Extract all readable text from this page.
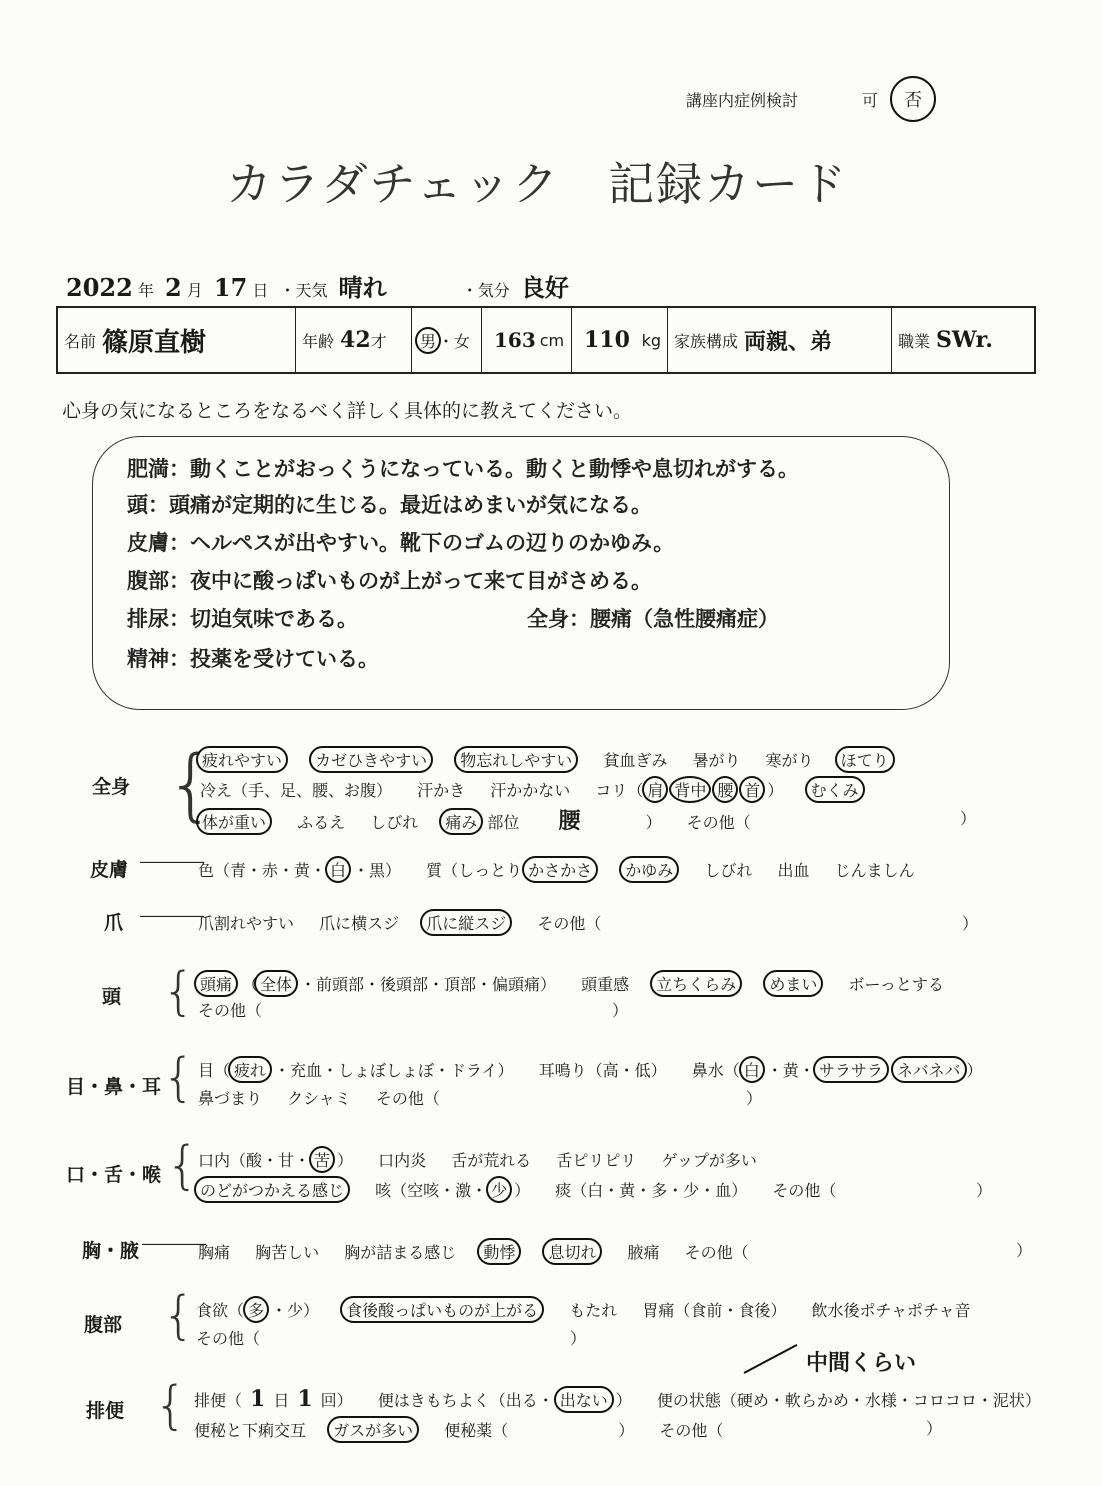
講座内症例検討	可	否
カラダチェック　記録カード
2022 年 2 月 17 日 ・天気 晴れ	・気分 良好
名前 篠原直樹	年齢 42 才	男 ・ 女 163 cm 110 kg 家族構成 両親、弟	職業 SWr.
心身の気になるところをなるべく詳しく具体的に教えてください。
肥満：動くことがおっくうになっている。動くと動悸や息切れがする。
頭：頭痛が定期的に生じる。最近はめまいが気になる。
皮膚：ヘルペスが出やすい。靴下のゴムの辺りのかゆみ。
腹部：夜中に酸っぱいものが上がって来て目がさめる。
排尿：切迫気味である。	全身：腰痛（急性腰痛症）
精神：投薬を受けている。
全身 {
疲れやすい カゼひきやすい 物忘れしやすい 貧血ぎみ 暑がり 寒がり ほてり
冷え（手、足、腰、お腹） 汗かき 汗かかない コリ（ 肩 背中 腰 首 ） むくみ
体が重い ふるえ しびれ 痛み 部位 腰	） その他（	）
皮膚 ――――
色（青・赤・黄・ 白 ・黒） 質（しっとり かさかさ かゆみ しびれ 出血 じんましん
爪 ――――
爪割れやすい 爪に横スジ 爪に縦スジ その他（	）
頭 { 頭痛 （ 全体 ・前頭部・後頭部・頂部・偏頭痛） 頭重感 立ちくらみ めまい ボーっとする
その他（	）
目・鼻・耳 { 目（ 疲れ ・充血・しょぼしょぼ・ドライ） 耳鳴り（高・低） 鼻水（ 白 ・黄・ サラサラ ネバネバ ）
鼻づまり クシャミ その他（	）
口・舌・喉 {
口内（酸・甘・ 苦 ） 口内炎 舌が荒れる 舌ピリピリ ゲップが多い
のどがつかえる感じ 咳（空咳・激・ 少 ） 痰（白・黄・多・少・血） その他（	）
胸・腋 ――――
胸痛 胸苦しい 胸が詰まる感じ 動悸 息切れ 腋痛 その他（	）
腹部 { 食欲（ 多 ・少） 食後酸っぱいものが上がる もたれ 胃痛（食前・食後） 飲水後ポチャポチャ音
その他（	）
中間くらい
排便 { 排便（ 1 日 1 回） 便はきもちよく（出る・ 出ない ） 便の状態（硬め・軟らかめ・水様・コロコロ・泥状）
便秘と下痢交互 ガスが多い 便秘薬（	） その他（	）
